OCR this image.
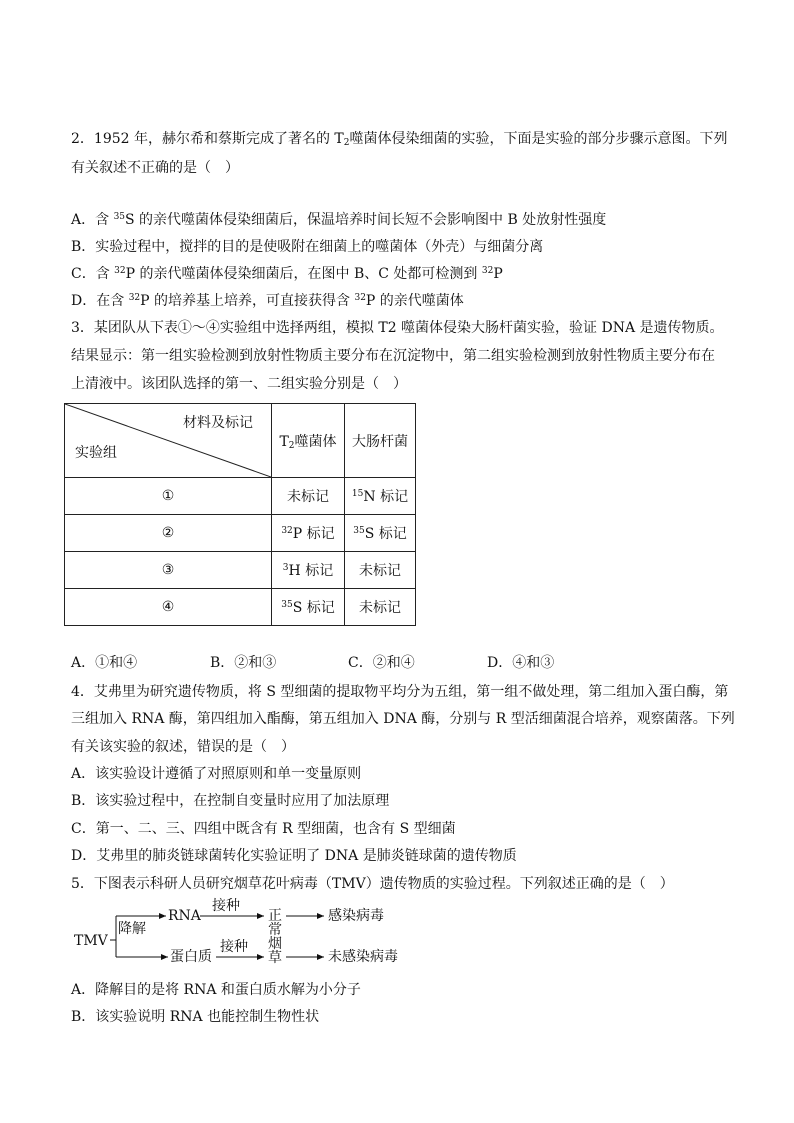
2．1952 年，赫尔希和蔡斯完成了著名的 $T_2$噬菌体侵染细菌的实验，下面是实验的部分步骤示意图。下列
有关叙述不正确的是（　）
A．含 $^{35}$S 的亲代噬菌体侵染细菌后，保温培养时间长短不会影响图中 B 处放射性强度
B．实验过程中，搅拌的目的是使吸附在细菌上的噬菌体（外壳）与细菌分离
C．含 $^{32}$P 的亲代噬菌体侵染细菌后，在图中 B、C 处都可检测到 $^{32}$P
D．在含 $^{32}$P 的培养基上培养，可直接获得含 $^{32}$P 的亲代噬菌体
3．某团队从下表①～④实验组中选择两组，模拟 T2 噬菌体侵染大肠杆菌实验，验证 DNA 是遗传物质。
结果显示：第一组实验检测到放射性物质主要分布在沉淀物中，第二组实验检测到放射性物质主要分布在
上清液中。该团队选择的第一、二组实验分别是（　）
材料及标记
实验组	$T_2$噬菌体	大肠杆菌
①	未标记	$^{15}$N 标记
②	$^{32}$P 标记	$^{35}$S 标记
③	$^3$H 标记	未标记
④	$^{35}$S 标记	未标记
A．①和④	B．②和③	C．②和④	D．④和③
4．艾弗里为研究遗传物质，将 S 型细菌的提取物平均分为五组，第一组不做处理，第二组加入蛋白酶，第
三组加入 RNA 酶，第四组加入酯酶，第五组加入 DNA 酶，分别与 R 型活细菌混合培养，观察菌落。下列
有关该实验的叙述，错误的是（　）
A．该实验设计遵循了对照原则和单一变量原则
B．该实验过程中，在控制自变量时应用了加法原理
C．第一、二、三、四组中既含有 R 型细菌，也含有 S 型细菌
D．艾弗里的肺炎链球菌转化实验证明了 DNA 是肺炎链球菌的遗传物质
5．下图表示科研人员研究烟草花叶病毒（TMV）遗传物质的实验过程。下列叙述正确的是（　）
TMV
降解
RNA
蛋白质
接种
接种
正
常
烟
草
感染病毒
未感染病毒
A．降解目的是将 RNA 和蛋白质水解为小分子
B．该实验说明 RNA 也能控制生物性状
